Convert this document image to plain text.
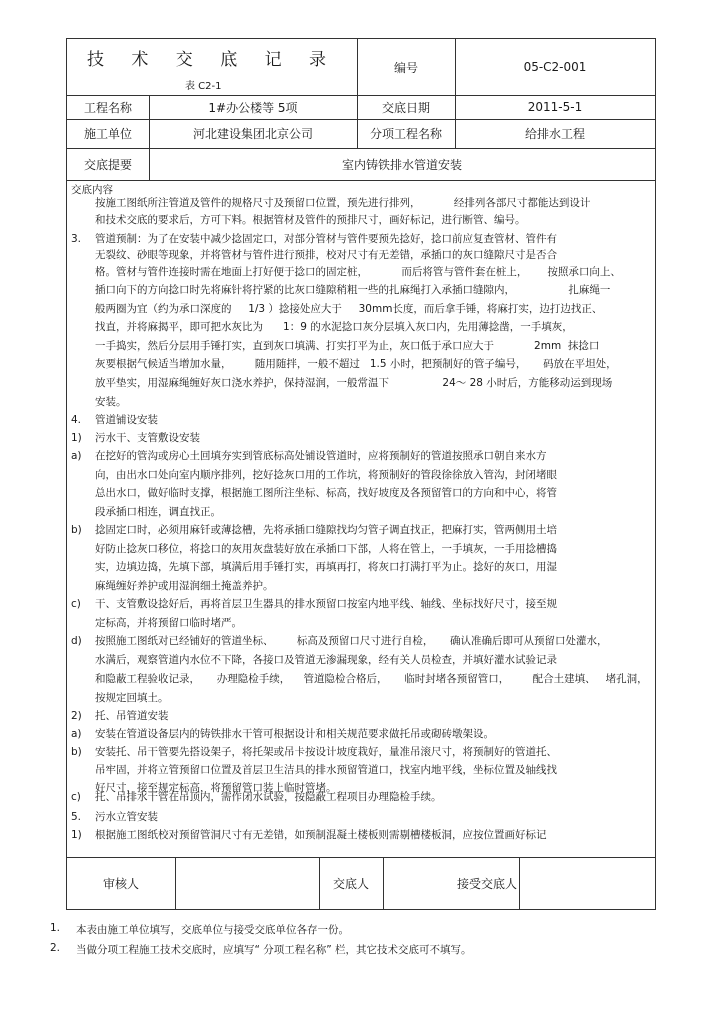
技 术 交 底 记 录
表 C2-1
编号	05-C2-001
工程名称	1#办公楼等 5项	交底日期	2011-5-1
施工单位	河北建设集团北京公司	分项工程名称	给排水工程
交底提要	室内铸铁排水管道安装
交底内容
按施工图纸所注管道及管件的规格尺寸及预留口位置，预先进行排列，          经排列各部尺寸都能达到设计
和技术交底的要求后，方可下料。根据管材及管件的预排尺寸，画好标记，进行断管、编号。
3. 管道预制：为了在安装中减少捻固定口，对部分管材与管件要预先捻好，捻口前应复查管材、管件有
无裂纹、砂眼等现象，并将管材与管件进行预排，校对尺寸有无差错，承插口的灰口缝隙尺寸是否合
格。管材与管件连接时需在地面上打好便于捻口的固定桩，          而后将管与管件套在桩上，      按照承口向上、
插口向下的方向捻口时先将麻针将拧紧的比灰口缝隙稍粗一些的扎麻绳打入承插口缝隙内，                扎麻绳一
般两圈为宜（约为承口深度的     1/3 ）捻接处应大于     30mm长度，而后拿手锤，将麻打实，边打边找正、
找直，并将麻揭平，即可把水灰比为      1：9 的水泥捻口灰分层填入灰口内，先用薄捻凿，一手填灰，
一手捣实，然后分层用手锤打实，直到灰口填满、打实打平为止，灰口低于承口应大于            2mm  抹捻口
灰要根据气候适当增加水量，       随用随拌，一般不超过   1.5 小时，把预制好的管子编号，     码放在平坦处，
放平垫实，用湿麻绳缠好灰口浇水养护，保持湿润，一般常温下                24～ 28 小时后，方能移动运到现场
安装。
4. 管道铺设安装
1) 污水干、支管敷设安装
a) 在挖好的管沟或房心土回填夯实到管底标高处铺设管道时，应将预制好的管道按照承口朝自来水方
向，由出水口处向室内顺序排列，挖好捻灰口用的工作坑，将预制好的管段徐徐放入管沟，封闭堵眼
总出水口，做好临时支撑，根据施工图所注坐标、标高，找好坡度及各预留管口的方向和中心，将管
段承插口相连，调直找正。
b) 捻固定口时，必须用麻钎或薄捻槽，先将承插口缝隙找均匀管子调直找正，把麻打实，管两侧用土培
好防止捻灰口移位，将捻口的灰用灰盘装好放在承插口下部，人将在管上，一手填灰，一手用捻槽捣
实，边填边捣，先填下部，填满后用手锤打实，再填再打，将灰口打满打平为止。捻好的灰口，用湿
麻绳缠好养护或用湿润细土掩盖养护。
c) 干、支管敷设捻好后，再将首层卫生器具的排水预留口按室内地平线、轴线、坐标找好尺寸，接至规
定标高，并将预留口临时堵严。
d) 按照施工图纸对已经铺好的管道坐标、       标高及预留口尺寸进行自检，     确认准确后即可从预留口处灌水，
水满后，观察管道内水位不下降，各接口及管道无渗漏现象，经有关人员检查，并填好灌水试验记录
和隐蔽工程验收记录，     办理隐检手续，    管道隐检合格后，     临时封堵各预留管口，       配合土建填、   堵孔洞，
按规定回填土。
2) 托、吊管道安装
a) 安装在管道设备层内的铸铁排水干管可根据设计和相关规范要求做托吊或砌砖墩架设。
b) 安装托、吊干管要先搭设架子，将托架或吊卡按设计坡度栽好，量准吊滚尺寸，将预制好的管道托、
吊牢固，并将立管预留口位置及首层卫生洁具的排水预留管道口，找室内地平线，坐标位置及轴线找
好尺寸，接至规定标高，将预留管口装上临时管堵。
c) 托、吊排水干管在吊顶内，需作闭水试验，按隐蔽工程项目办理隐检手续。
5. 污水立管安装
1) 根据施工图纸校对预留管洞尺寸有无差错，如预制混凝土楼板则需剔槽楼板洞，应按位置画好标记
审核人	交底人	接受交底人
1. 本表由施工单位填写，交底单位与接受交底单位各存一份。
2. 当做分项工程施工技术交底时，应填写“ 分项工程名称” 栏，其它技术交底可不填写。
